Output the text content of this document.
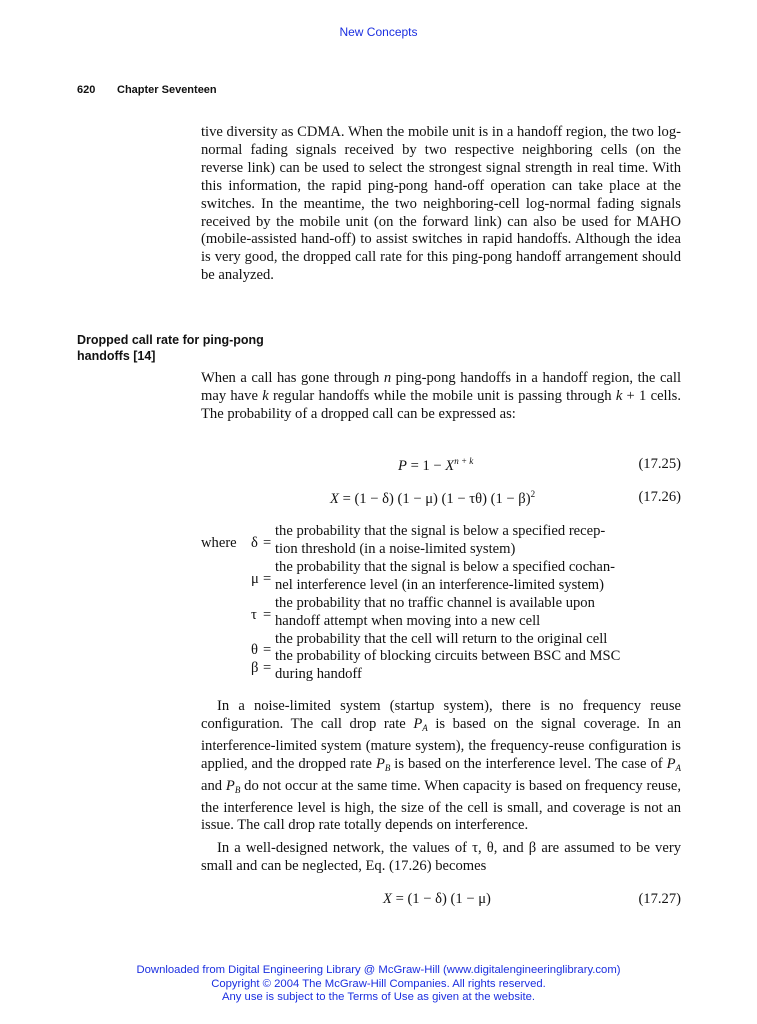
New Concepts
620 Chapter Seventeen
tive diversity as CDMA. When the mobile unit is in a handoff region, the two log-normal fading signals received by two respective neighboring cells (on the reverse link) can be used to select the strongest signal strength in real time. With this information, the rapid ping-pong hand-off operation can take place at the switches. In the meantime, the two neighboring-cell log-normal fading signals received by the mobile unit (on the forward link) can also be used for MAHO (mobile-assisted hand-off) to assist switches in rapid handoffs. Although the idea is very good, the dropped call rate for this ping-pong handoff arrangement should be analyzed.
Dropped call rate for ping-pong
handoffs [14]
When a call has gone through n ping-pong handoffs in a handoff region, the call may have k regular handoffs while the mobile unit is passing through k + 1 cells. The probability of a dropped call can be expressed as:
$P = 1 - X^{n + k}$	(17.25)
X = (1 − δ) (1 − μ) (1 − τθ) $(1 - \beta)^2$	(17.26)
where δ =
the probability that the signal is below a specified recep-
tion threshold (in a noise-limited system)
μ =
the probability that the signal is below a specified cochan-
nel interference level (in an interference-limited system)
τ =
the probability that no traffic channel is available upon
handoff attempt when moving into a new cell
θ =
the probability that the cell will return to the original cell
β =
the probability of blocking circuits between BSC and MSC
during handoff
In a noise-limited system (startup system), there is no frequency reuse configuration. The call drop rate $P_A$ is based on the signal coverage. In an interference-limited system (mature system), the frequency-reuse configuration is applied, and the dropped rate $P_B$ is based on the interference level. The case of $P_A$ and $P_B$ do not occur at the same time. When capacity is based on frequency reuse, the interference level is high, the size of the cell is small, and coverage is not an issue. The call drop rate totally depends on interference.
In a well-designed network, the values of τ, θ, and β are assumed to be very small and can be neglected, Eq. (17.26) becomes
X = (1 − δ) (1 − μ)	(17.27)
Downloaded from Digital Engineering Library @ McGraw-Hill (www.digitalengineeringlibrary.com)
Copyright © 2004 The McGraw-Hill Companies. All rights reserved.
Any use is subject to the Terms of Use as given at the website.
